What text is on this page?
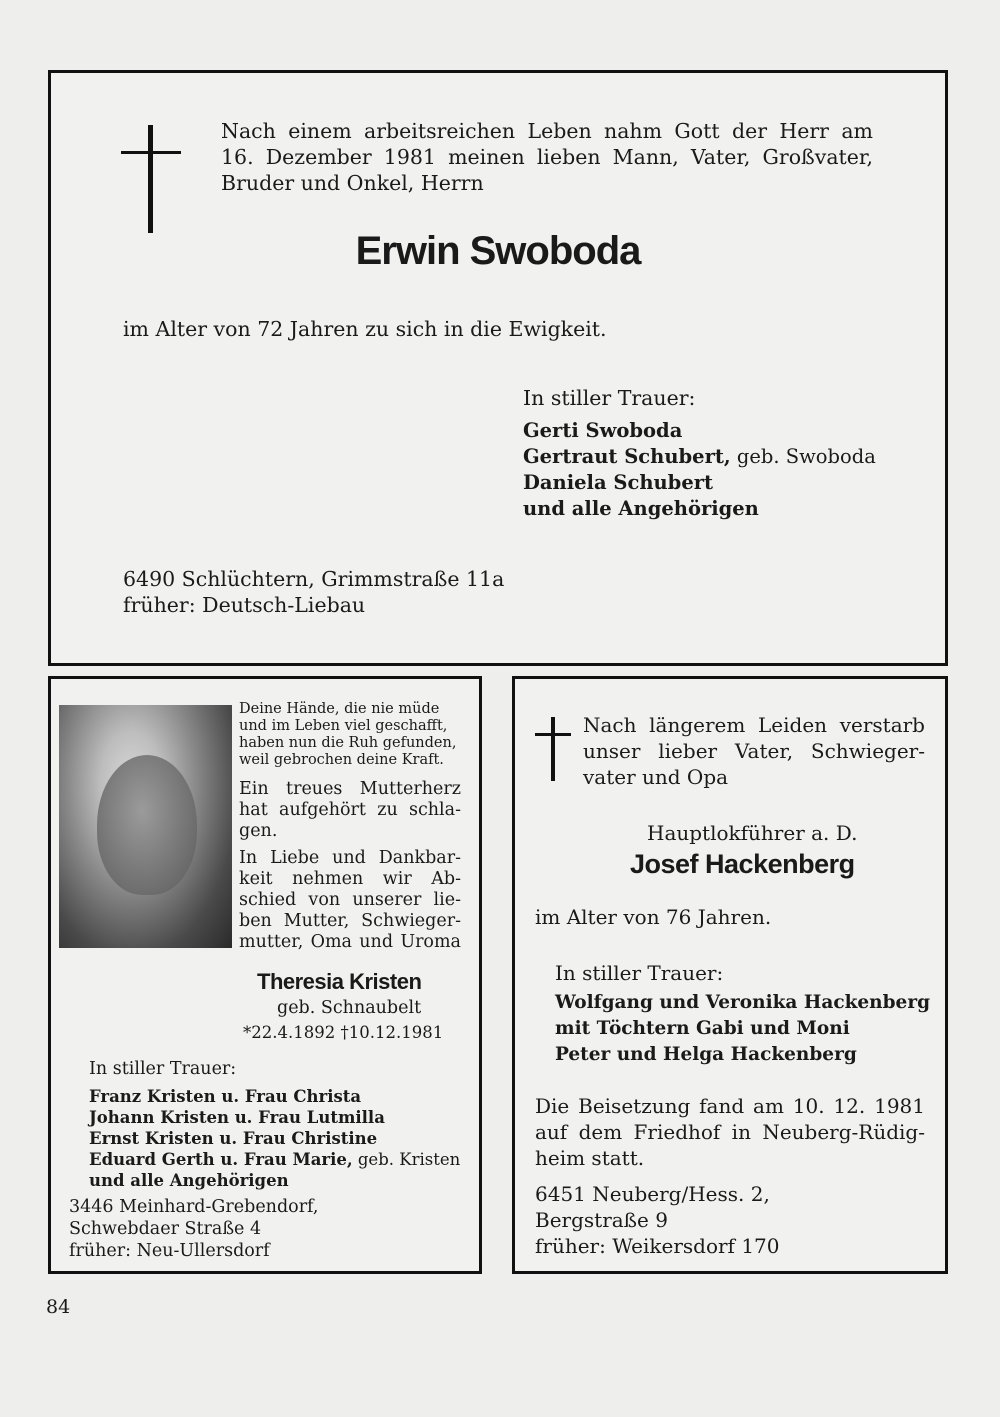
Nach einem arbeitsreichen Leben nahm Gott der Herr am

16. Dezember 1981 meinen lieben Mann, Vater, Großvater,

Bruder und Onkel, Herrn

Erwin Swoboda

im Alter von 72 Jahren zu sich in die Ewigkeit.

In stiller Trauer:

Gerti Swoboda

Gertraut Schubert, geb. Swoboda

Daniela Schubert

und alle Angehörigen

6490 Schlüchtern, Grimmstraße 11a

früher: Deutsch-Liebau

Deine Hände, die nie müde

und im Leben viel geschafft,

haben nun die Ruh gefunden,

weil gebrochen deine Kraft.

Ein treues Mutterherz

hat aufgehört zu schla-

gen.

In Liebe und Dankbar-

keit nehmen wir Ab-

schied von unserer lie-

ben Mutter, Schwieger-

mutter, Oma und Uroma

Theresia Kristen

geb. Schnaubelt

*22.4.1892 †10.12.1981

In stiller Trauer:

Franz Kristen u. Frau Christa

Johann Kristen u. Frau Lutmilla

Ernst Kristen u. Frau Christine

Eduard Gerth u. Frau Marie, geb. Kristen

und alle Angehörigen

3446 Meinhard-Grebendorf,

Schwebdaer Straße 4

früher: Neu-Ullersdorf

Nach längerem Leiden verstarb

unser lieber Vater, Schwieger-

vater und Opa

Hauptlokführer a. D.

Josef Hackenberg

im Alter von 76 Jahren.

In stiller Trauer:

Wolfgang und Veronika Hackenberg

mit Töchtern Gabi und Moni

Peter und Helga Hackenberg

Die Beisetzung fand am 10. 12. 1981

auf dem Friedhof in Neuberg-Rüdig-

heim statt.

6451 Neuberg/Hess. 2,

Bergstraße 9

früher: Weikersdorf 170

84
